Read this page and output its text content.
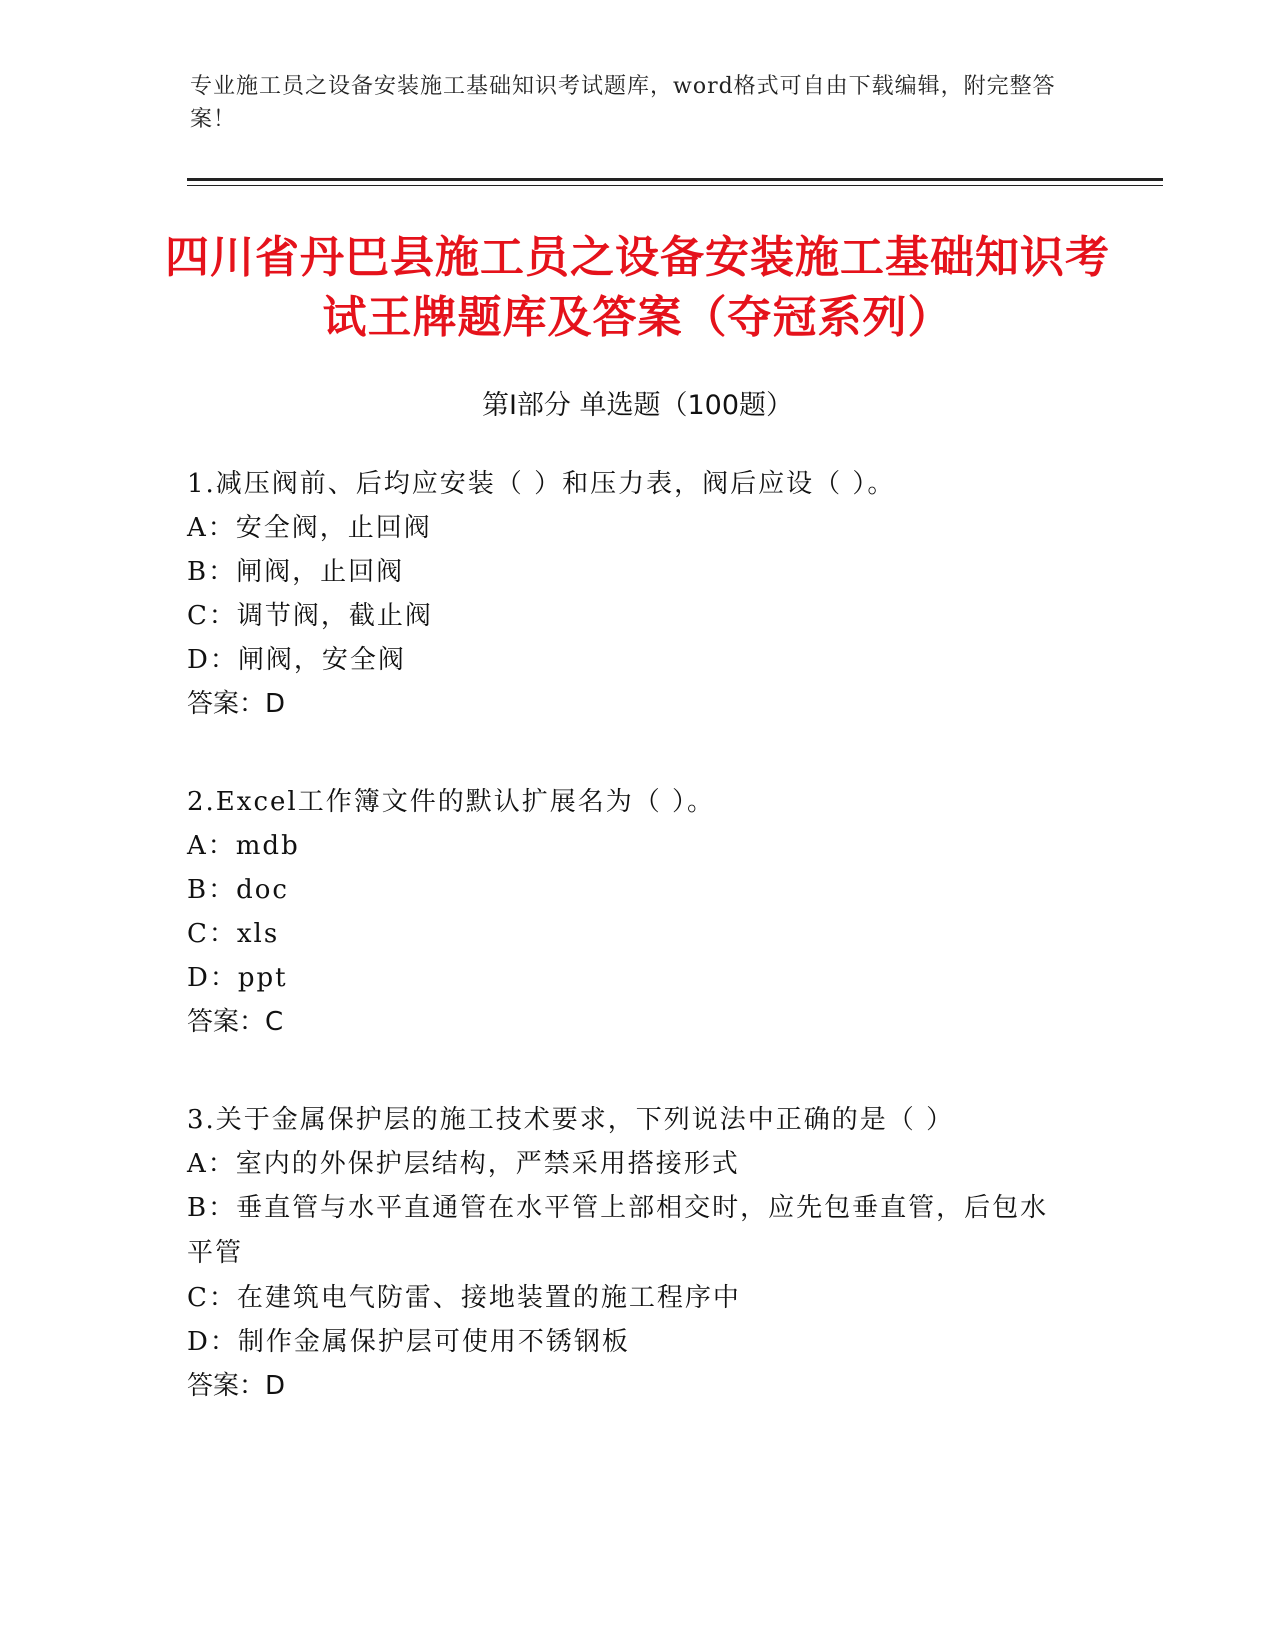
专业施工员之设备安装施工基础知识考试题库，word格式可自由下载编辑，附完整答案！
四川省丹巴县施工员之设备安装施工基础知识考试王牌题库及答案（夺冠系列）
第Ⅰ部分 单选题（100题）
1.减压阀前、后均应安装（ ）和压力表，阀后应设（ ）。
A：安全阀，止回阀
B：闸阀，止回阀
C：调节阀，截止阀
D：闸阀，安全阀
答案：D
2.Excel工作簿文件的默认扩展名为（ ）。
A：mdb
B：doc
C：xls
D：ppt
答案：C
3.关于金属保护层的施工技术要求，下列说法中正确的是（ ）
A：室内的外保护层结构，严禁采用搭接形式
B：垂直管与水平直通管在水平管上部相交时，应先包垂直管，后包水平管
C：在建筑电气防雷、接地装置的施工程序中
D：制作金属保护层可使用不锈钢板
答案：D
